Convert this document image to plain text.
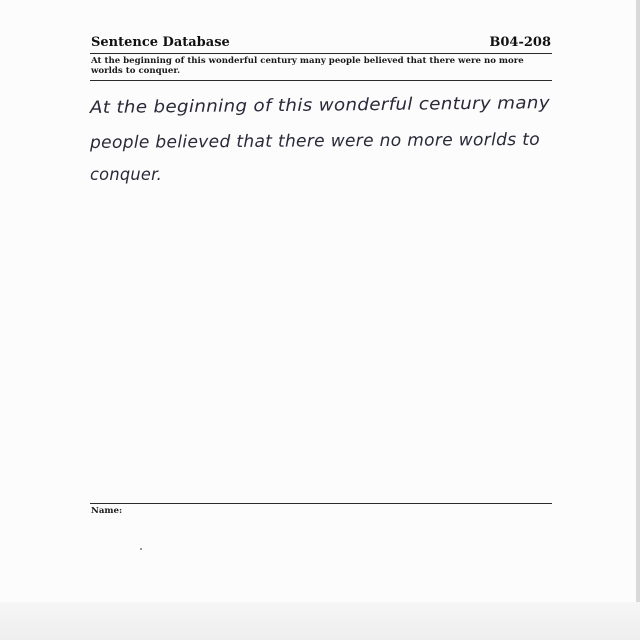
Sentence Database	B04-208
At the beginning of this wonderful century many people believed that there were no more worlds to conquer.
At the beginning of this wonderful century many
people believed that there were no more worlds to
conquer.
Name:
